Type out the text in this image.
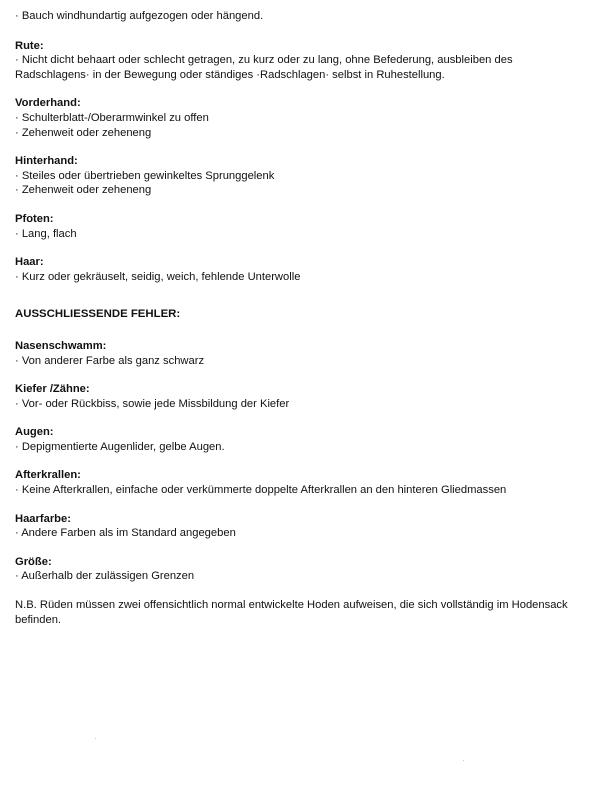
· Bauch windhundartig aufgezogen oder hängend.

Rute:

· Nicht dicht behaart oder schlecht getragen, zu kurz oder zu lang, ohne Befederung, ausbleiben des Radschlagens· in der Bewegung oder ständiges ·Radschlagen· selbst in Ruhestellung.

Vorderhand:

· Schulterblatt-/Oberarmwinkel zu offen

· Zehenweit oder zeheneng

Hinterhand:

· Steiles oder übertrieben gewinkeltes Sprunggelenk

· Zehenweit oder zeheneng

Pfoten:

· Lang, flach

Haar:

· Kurz oder gekräuselt, seidig, weich, fehlende Unterwolle

AUSSCHLIESSENDE FEHLER:

Nasenschwamm:

· Von anderer Farbe als ganz schwarz

Kiefer /Zähne:

· Vor- oder Rückbiss, sowie jede Missbildung der Kiefer

Augen:

· Depigmentierte Augenlider, gelbe Augen.

Afterkrallen:

· Keine Afterkrallen, einfache oder verkümmerte doppelte Afterkrallen an den hinteren Gliedmassen

Haarfarbe:

· Andere Farben als im Standard angegeben

Größe:

· Außerhalb der zulässigen Grenzen

N.B. Rüden müssen zwei offensichtlich normal entwickelte Hoden aufweisen, die sich vollständig im Hodensack befinden.
